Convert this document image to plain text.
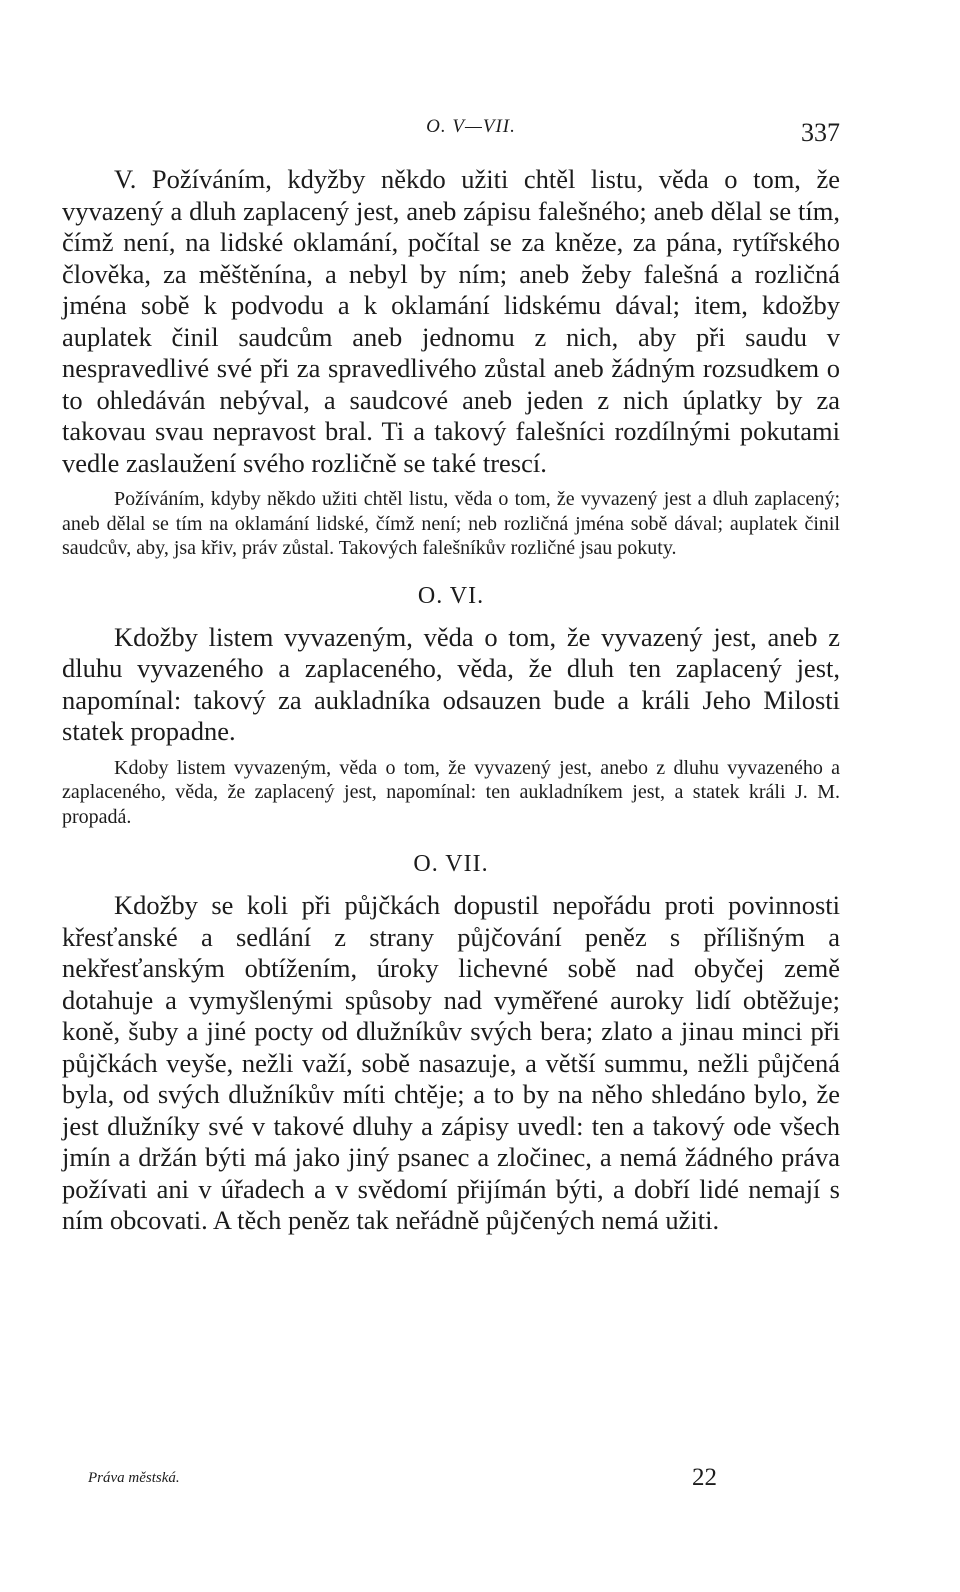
O. V—VII.	337

V. Požíváním, kdyžby někdo užiti chtěl listu, věda o tom, že vyvazený a dluh zaplacený jest, aneb zápisu falešného; aneb dělal se tím, čímž není, na lidské oklamání, počítal se za kněze, za pána, rytířského člověka, za měštěnína, a nebyl by ním; aneb žeby falešná a rozličná jména sobě k podvodu a k oklamání lidskému dával; item, kdožby auplatek činil saudcům aneb jednomu z nich, aby při saudu v nespravedlivé své při za spravedlivého zůstal aneb žádným rozsudkem o to ohledáván nebýval, a saudcové aneb jeden z nich úplatky by za takovau svau nepravost bral. Ti a takový falešníci rozdílnými pokutami vedle zaslaužení svého rozličně se také trescí.

Požíváním, kdyby někdo užiti chtěl listu, věda o tom, že vyvazený jest a dluh zaplacený; aneb dělal se tím na oklamání lidské, čímž není; neb rozličná jména sobě dával; auplatek činil saudcův, aby, jsa křiv, práv zůstal. Takových falešníkův rozličné jsau pokuty.

O. VI.

Kdožby listem vyvazeným, věda o tom, že vyvazený jest, aneb z dluhu vyvazeného a zaplaceného, věda, že dluh ten zaplacený jest, napomínal: takový za aukladníka odsauzen bude a králi Jeho Milosti statek propadne.

Kdoby listem vyvazeným, věda o tom, že vyvazený jest, anebo z dluhu vyvazeného a zaplaceného, věda, že zaplacený jest, napomínal: ten aukladníkem jest, a statek králi J. M. propadá.

O. VII.

Kdožby se koli při půjčkách dopustil nepořádu proti povinnosti křesťanské a sedlání z strany půjčování peněz s přílišným a nekřesťanským obtížením, úroky lichevné sobě nad obyčej země dotahuje a vymyšlenými spůsoby nad vyměřené auroky lidí obtěžuje; koně, šuby a jiné pocty od dlužníkův svých bera; zlato a jinau minci při půjčkách veyše, nežli važí, sobě nasazuje, a větší summu, nežli půjčená byla, od svých dlužníkův míti chtěje; a to by na něho shledáno bylo, že jest dlužníky své v takové dluhy a zápisy uvedl: ten a takový ode všech jmín a držán býti má jako jiný psanec a zločinec, a nemá žádného práva požívati ani v úřadech a v svědomí přijímán býti, a dobří lidé nemají s ním obcovati. A těch peněz tak neřádně půjčených nemá užiti.

Práva městská.	22
